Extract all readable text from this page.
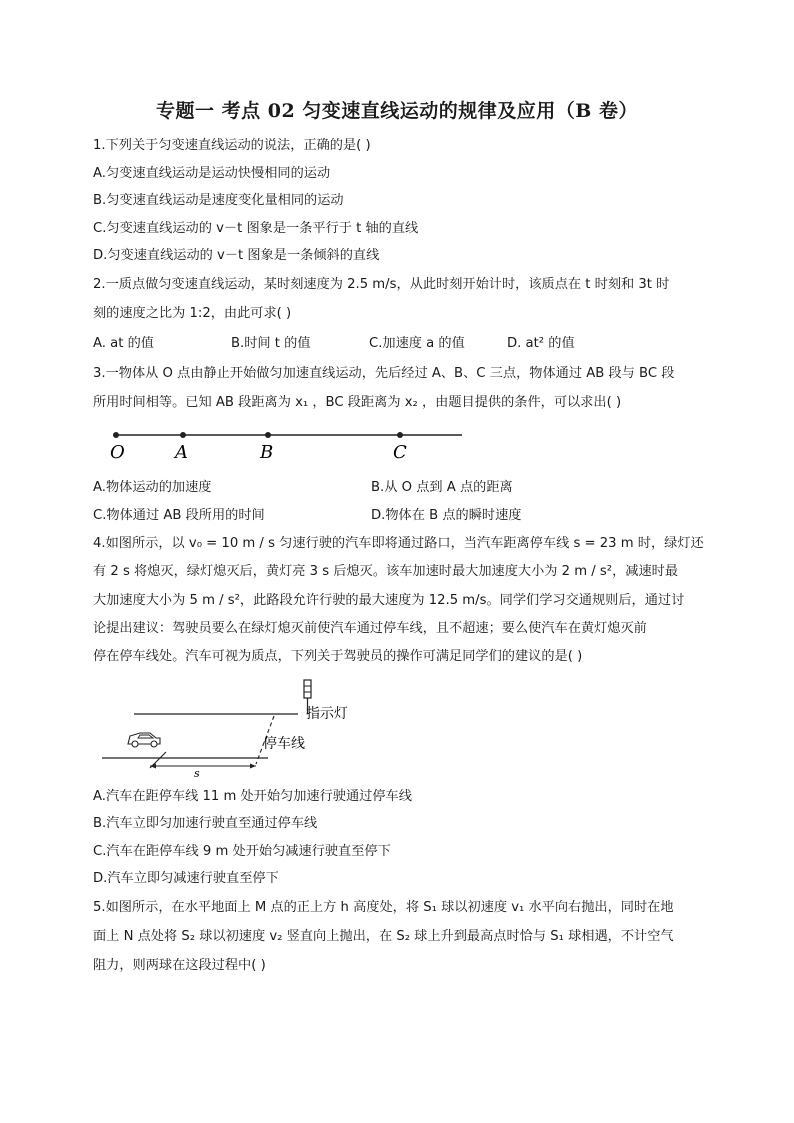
专题一 考点 02 匀变速直线运动的规律及应用（B 卷）
1.下列关于匀变速直线运动的说法，正确的是( )
A.匀变速直线运动是运动快慢相同的运动
B.匀变速直线运动是速度变化量相同的运动
C.匀变速直线运动的 v－t 图象是一条平行于 t 轴的直线
D.匀变速直线运动的 v－t 图象是一条倾斜的直线
2.一质点做匀变速直线运动，某时刻速度为 2.5 m/s，从此时刻开始计时，该质点在 t 时刻和 3t 时
刻的速度之比为 1:2，由此可求( )
A. at 的值	B.时间 t 的值	C.加速度 a 的值	D. at² 的值
3.一物体从 O 点由静止开始做匀加速直线运动，先后经过 A、B、C 三点，物体通过 AB 段与 BC 段
所用时间相等。已知 AB 段距离为 x₁ ，BC 段距离为 x₂ ，由题目提供的条件，可以求出( )
O	A	B	C
A.物体运动的加速度	B.从 O 点到 A 点的距离
C.物体通过 AB 段所用的时间	D.物体在 B 点的瞬时速度
4.如图所示，以 v₀ = 10 m / s 匀速行驶的汽车即将通过路口，当汽车距离停车线 s = 23 m 时，绿灯还
有 2 s 将熄灭，绿灯熄灭后，黄灯亮 3 s 后熄灭。该车加速时最大加速度大小为 2 m / s²，减速时最
大加速度大小为 5 m / s²，此路段允许行驶的最大速度为 12.5 m/s。同学们学习交通规则后，通过讨
论提出建议：驾驶员要么在绿灯熄灭前使汽车通过停车线，且不超速；要么使汽车在黄灯熄灭前
停在停车线处。汽车可视为质点，下列关于驾驶员的操作可满足同学们的建议的是( )
指示灯
停车线
s
A.汽车在距停车线 11 m 处开始匀加速行驶通过停车线
B.汽车立即匀加速行驶直至通过停车线
C.汽车在距停车线 9 m 处开始匀减速行驶直至停下
D.汽车立即匀减速行驶直至停下
5.如图所示，在水平地面上 M 点的正上方 h 高度处，将 S₁ 球以初速度 v₁ 水平向右抛出，同时在地
面上 N 点处将 S₂ 球以初速度 v₂ 竖直向上抛出，在 S₂ 球上升到最高点时恰与 S₁ 球相遇，不计空气
阻力，则两球在这段过程中( )
